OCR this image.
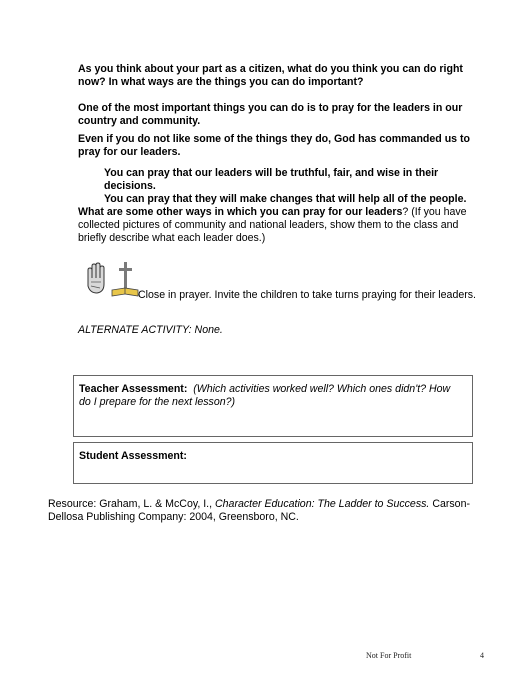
As you think about your part as a citizen, what do you think you can do right now? In what ways are the things you can do important?
One of the most important things you can do is to pray for the leaders in our country and community.
Even if you do not like some of the things they do, God has commanded us to pray for our leaders.
You can pray that our leaders will be truthful, fair, and wise in their decisions.
You can pray that they will make changes that will help all of the people.
What are some other ways in which you can pray for our leaders? (If you have collected pictures of community and national leaders, show them to the class and briefly describe what each leader does.)
Close in prayer. Invite the children to take turns praying for their leaders.
ALTERNATE ACTIVITY: None.
Teacher Assessment: (Which activities worked well? Which ones didn't? How do I prepare for the next lesson?)
Student Assessment:
Resource: Graham, L. & McCoy, I., Character Education: The Ladder to Success. Carson-Dellosa Publishing Company: 2004, Greensboro, NC.
Not For Profit	4
